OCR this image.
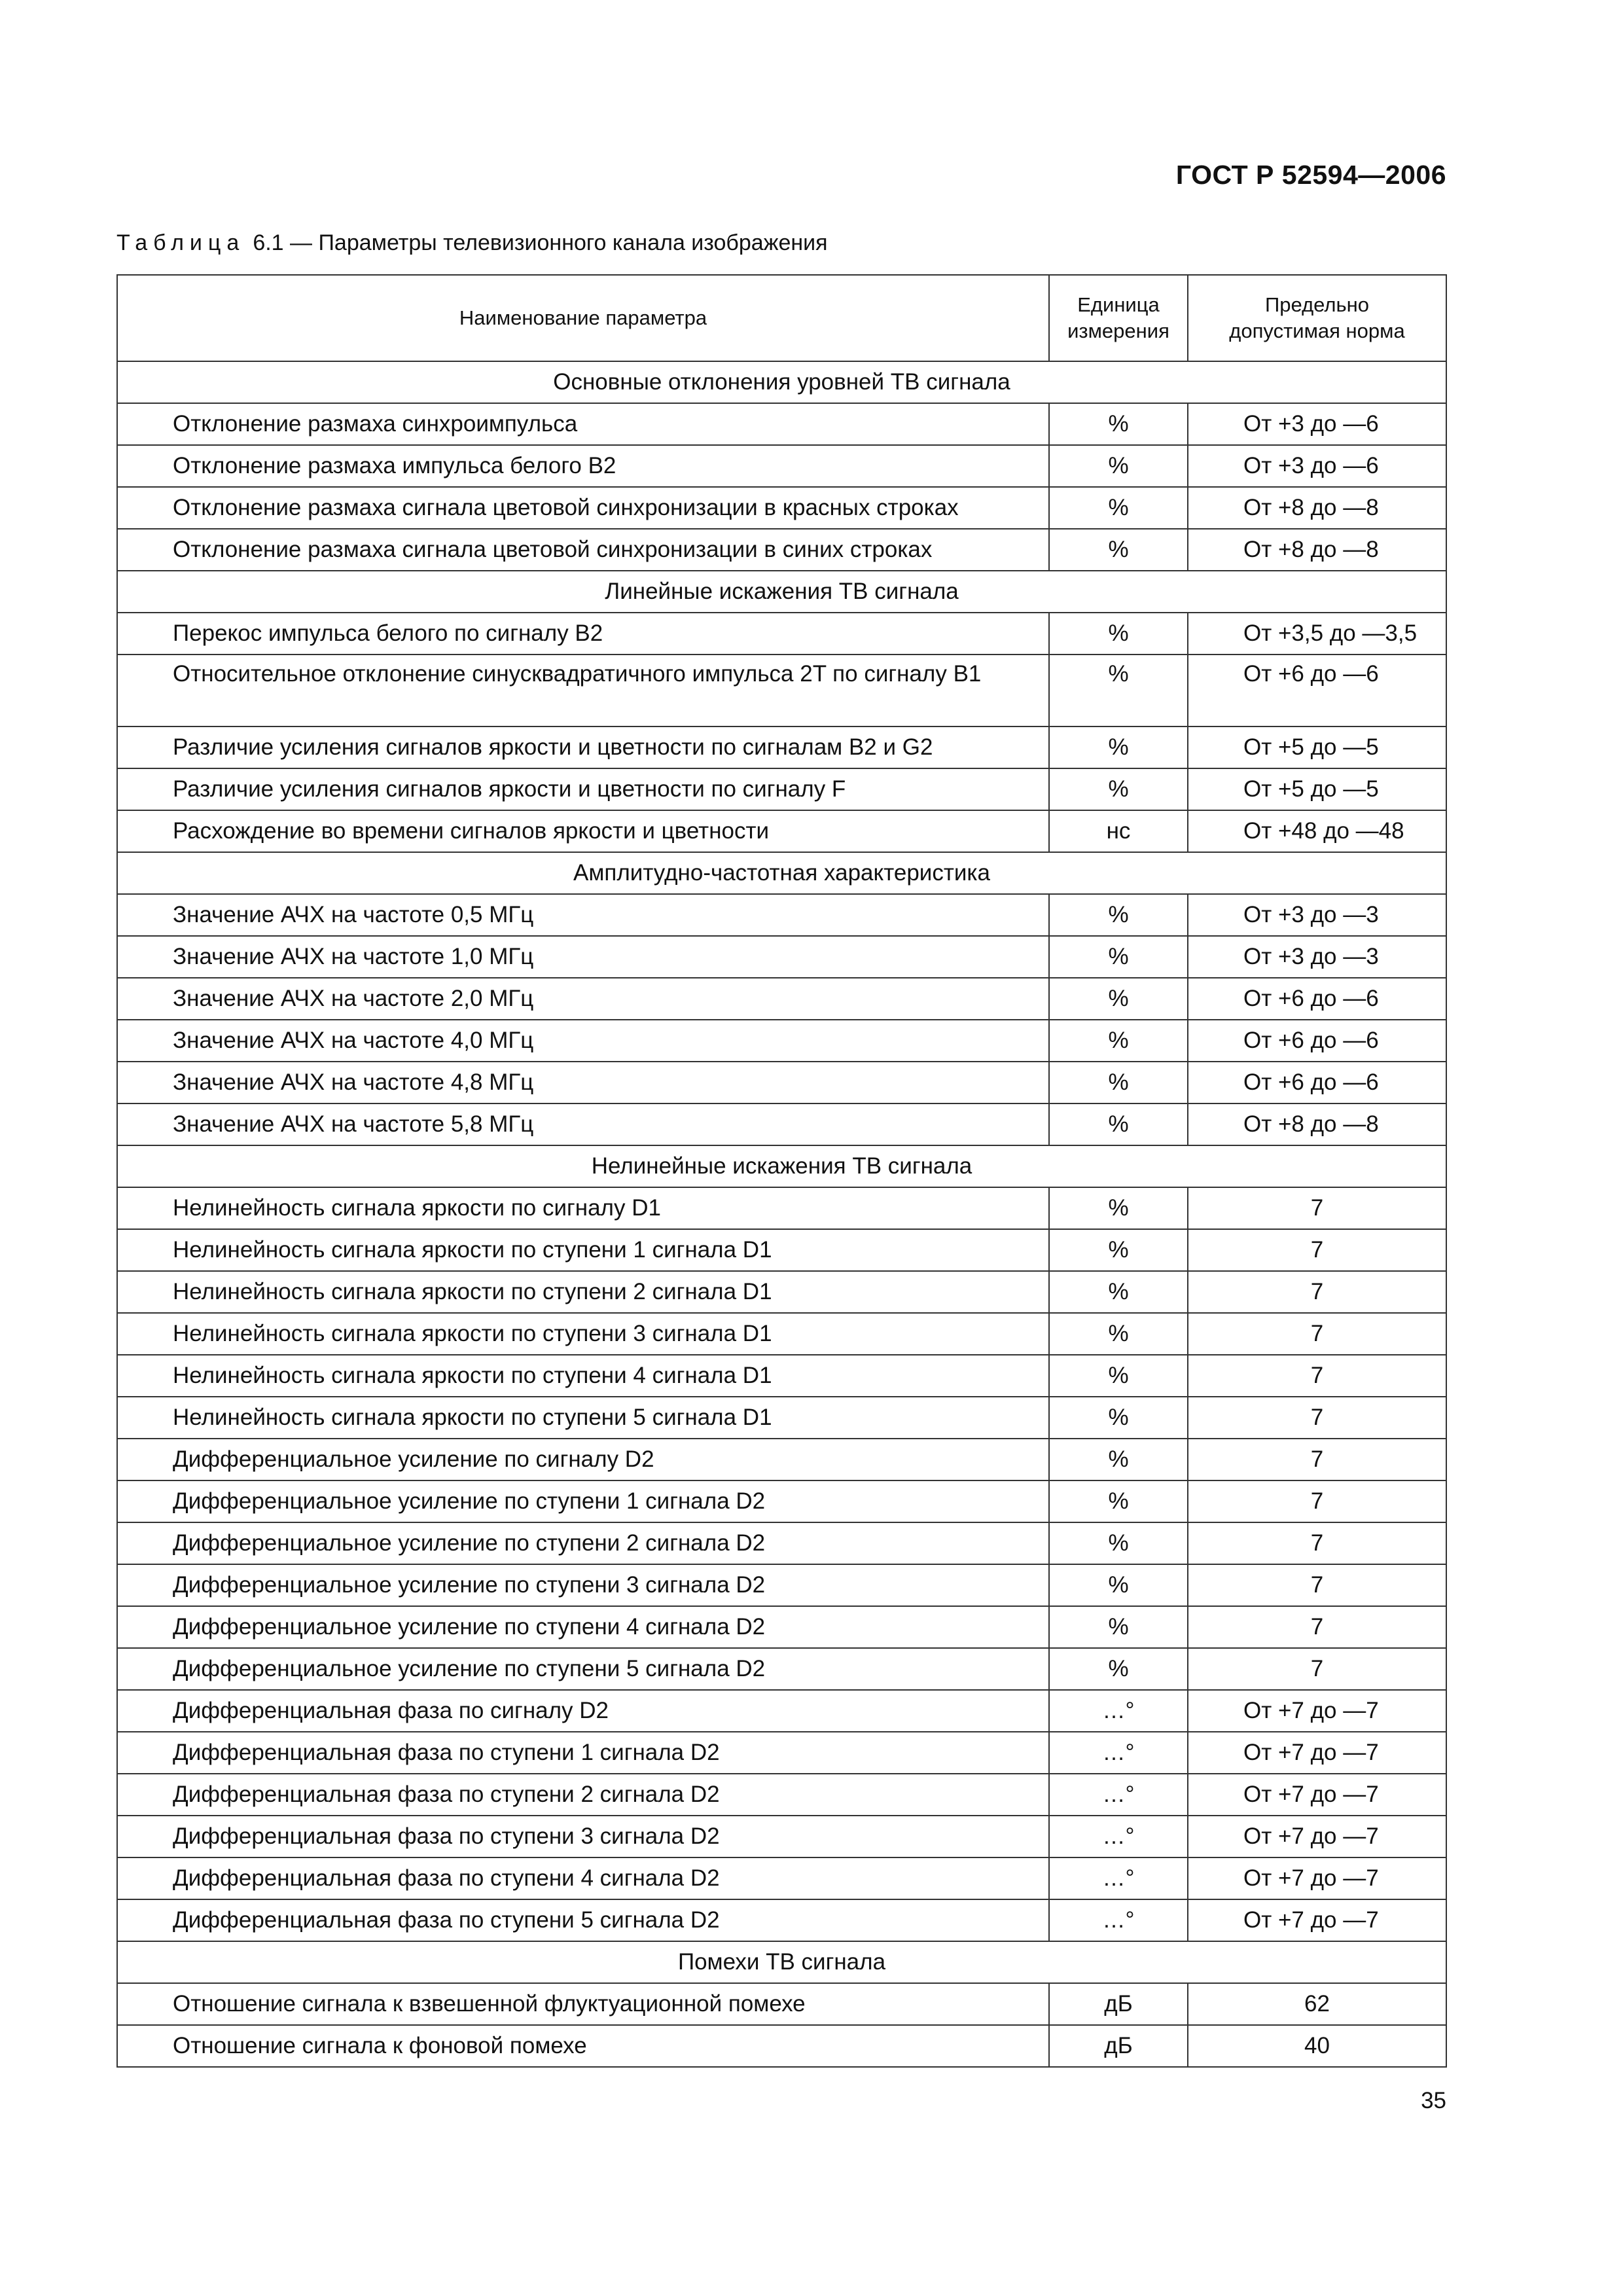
ГОСТ Р 52594—2006
Таблица 6.1 — Параметры телевизионного канала изображения
Наименование параметра	Единица измерения	Предельно допустимая норма
Основные отклонения уровней ТВ сигнала		
Отклонение размаха синхроимпульса	%	От +3 до —6
Отклонение размаха импульса белого В2	%	От +3 до —6
Отклонение размаха сигнала цветовой синхронизации в красных строках	%	От +8 до —8
Отклонение размаха сигнала цветовой синхронизации в синих строках	%	От +8 до —8
Линейные искажения ТВ сигнала		
Перекос импульса белого по сигналу В2	%	От +3,5 до —3,5
Относительное отклонение синусквадратичного импульса 2T по сигналу В1	%	От +6 до —6
Различие усиления сигналов яркости и цветности по сигналам В2 и G2	%	От +5 до —5
Различие усиления сигналов яркости и цветности по сигналу F	%	От +5 до —5
Расхождение во времени сигналов яркости и цветности	нс	От +48 до —48
Амплитудно-частотная характеристика		
Значение АЧХ на частоте 0,5 МГц	%	От +3 до —3
Значение АЧХ на частоте 1,0 МГц	%	От +3 до —3
Значение АЧХ на частоте 2,0 МГц	%	От +6 до —6
Значение АЧХ на частоте 4,0 МГц	%	От +6 до —6
Значение АЧХ на частоте 4,8 МГц	%	От +6 до —6
Значение АЧХ на частоте 5,8 МГц	%	От +8 до —8
Нелинейные искажения ТВ сигнала		
Нелинейность сигнала яркости по сигналу D1	%	7
Нелинейность сигнала яркости по ступени 1 сигнала D1	%	7
Нелинейность сигнала яркости по ступени 2 сигнала D1	%	7
Нелинейность сигнала яркости по ступени 3 сигнала D1	%	7
Нелинейность сигнала яркости по ступени 4 сигнала D1	%	7
Нелинейность сигнала яркости по ступени 5 сигнала D1	%	7
Дифференциальное усиление по сигналу D2	%	7
Дифференциальное усиление по ступени 1 сигнала D2	%	7
Дифференциальное усиление по ступени 2 сигнала D2	%	7
Дифференциальное усиление по ступени 3 сигнала D2	%	7
Дифференциальное усиление по ступени 4 сигнала D2	%	7
Дифференциальное усиление по ступени 5 сигнала D2	%	7
Дифференциальная фаза по сигналу D2	…°	От +7 до —7
Дифференциальная фаза по ступени 1 сигнала D2	…°	От +7 до —7
Дифференциальная фаза по ступени 2 сигнала D2	…°	От +7 до —7
Дифференциальная фаза по ступени 3 сигнала D2	…°	От +7 до —7
Дифференциальная фаза по ступени 4 сигнала D2	…°	От +7 до —7
Дифференциальная фаза по ступени 5 сигнала D2	…°	От +7 до —7
Помехи ТВ сигнала		
Отношение сигнала к взвешенной флуктуационной помехе	дБ	62
Отношение сигнала к фоновой помехе	дБ	40
35
